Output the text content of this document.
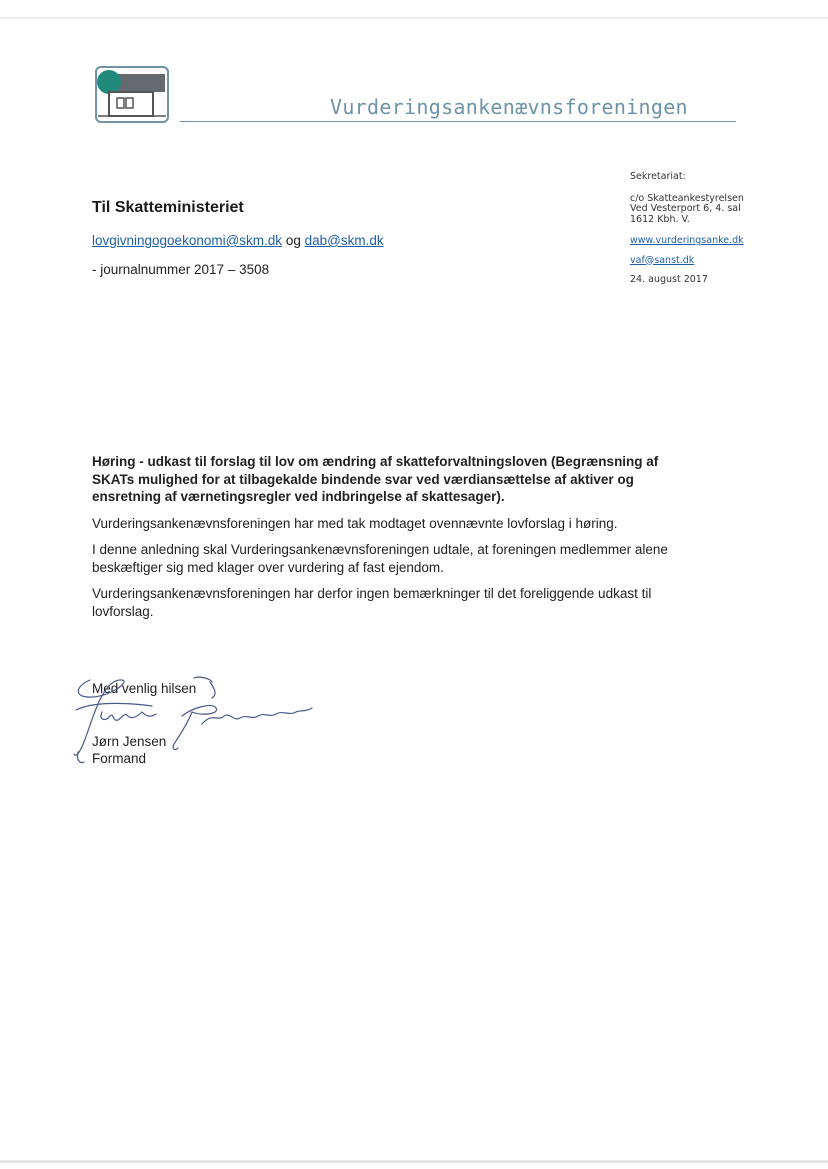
Vurderingsankenævnsforeningen
Sekretariat:
c/o Skatteankestyrelsen
Ved Vesterport 6, 4. sal
1612 Kbh. V.
www.vurderingsanke.dk
vaf@sanst.dk
24. august 2017
Til Skatteministeriet
lovgivningogoekonomi@skm.dk og dab@skm.dk
- journalnummer 2017 – 3508

Høring - udkast til forslag til lov om ændring af skatteforvaltningsloven (Begrænsning af SKATs mulighed for at tilbagekalde bindende svar ved værdiansættelse af aktiver og ensretning af værnetingsregler ved indbringelse af skattesager).

Vurderingsankenævnsforeningen har med tak modtaget ovennævnte lovforslag i høring.

I denne anledning skal Vurderingsankenævnsforeningen udtale, at foreningen medlemmer alene beskæftiger sig med klager over vurdering af fast ejendom.

Vurderingsankenævnsforeningen har derfor ingen bemærkninger til det foreliggende udkast til lovforslag.

Med venlig hilsen
Jørn Jensen
Formand
